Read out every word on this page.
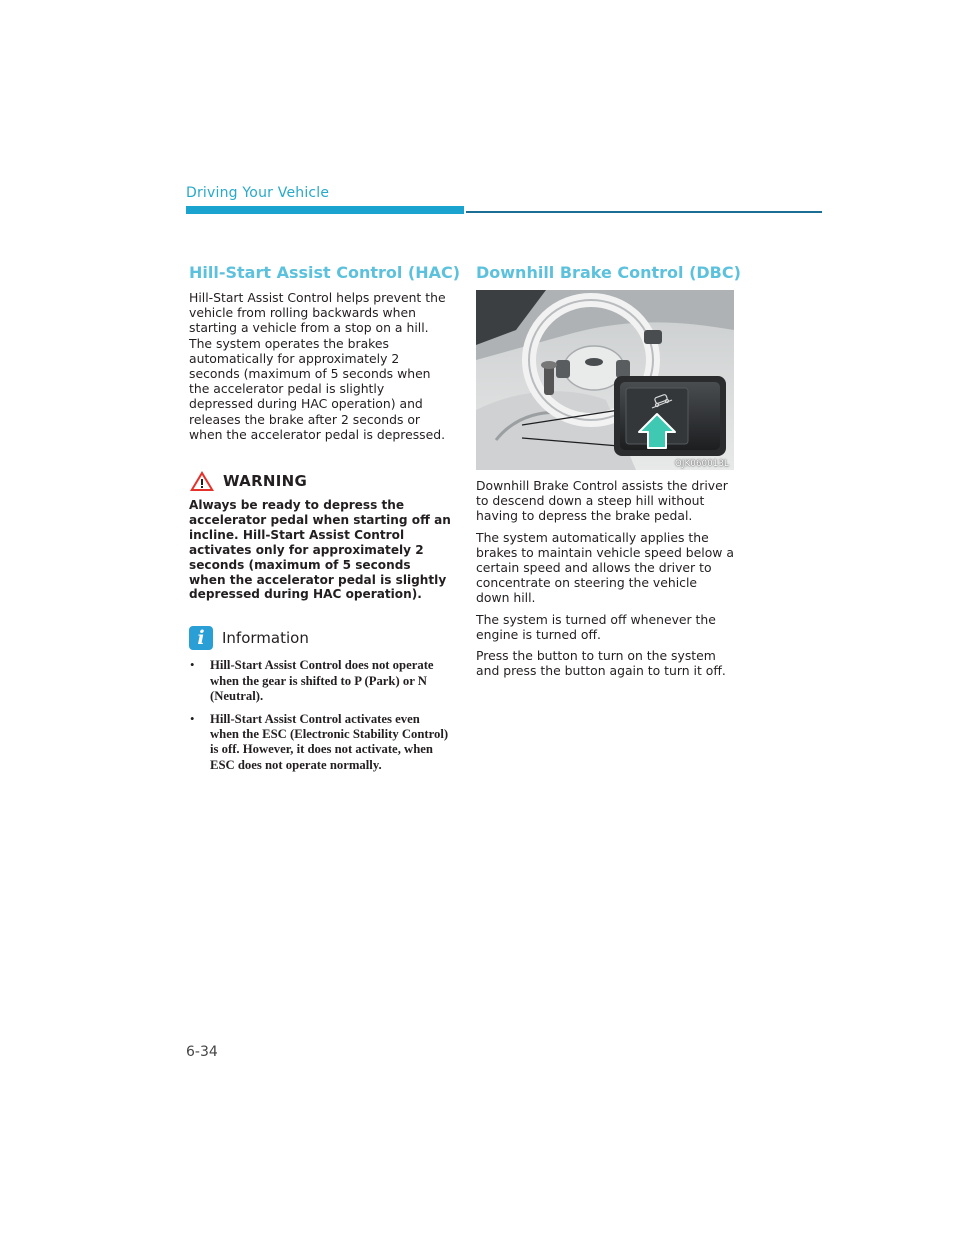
Driving Your Vehicle
Hill-Start Assist Control (HAC)

Hill-Start Assist Control helps prevent the vehicle from rolling backwards when starting a vehicle from a stop on a hill. The system operates the brakes automatically for approximately 2 seconds (maximum of 5 seconds when the accelerator pedal is slightly depressed during HAC operation) and releases the brake after 2 seconds or when the accelerator pedal is depressed.

WARNING

Always be ready to depress the accelerator pedal when starting off an incline. Hill-Start Assist Control activates only for approximately 2 seconds (maximum of 5 seconds when the accelerator pedal is slightly depressed during HAC operation).

i	Information
• Hill-Start Assist Control does not operate when the gear is shifted to P (Park) or N (Neutral).
• Hill-Start Assist Control activates even when the ESC (Electronic Stability Control) is off. However, it does not activate, when ESC does not operate normally.
Downhill Brake Control (DBC)
OJK060013L

Downhill Brake Control assists the driver to descend down a steep hill without having to depress the brake pedal.

The system automatically applies the brakes to maintain vehicle speed below a certain speed and allows the driver to concentrate on steering the vehicle down hill.

The system is turned off whenever the engine is turned off.

Press the button to turn on the system and press the button again to turn it off.

6-34
